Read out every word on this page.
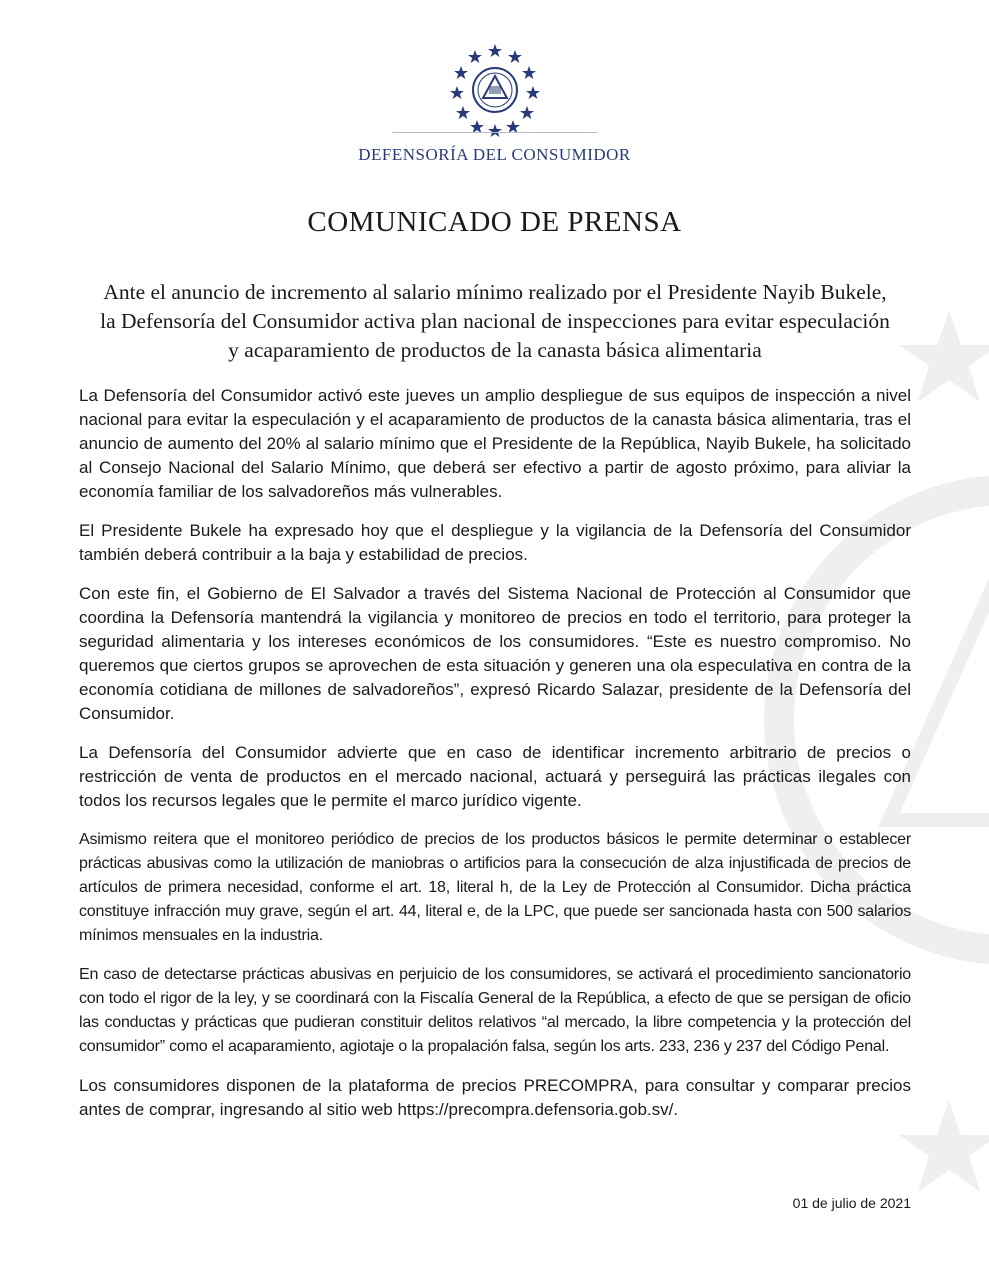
DEFENSORÍA DEL CONSUMIDOR
COMUNICADO DE PRENSA
Ante el anuncio de incremento al salario mínimo realizado por el Presidente Nayib Bukele,
la Defensoría del Consumidor activa plan nacional de inspecciones para evitar especulación
y acaparamiento de productos de la canasta básica alimentaria

La Defensoría del Consumidor activó este jueves un amplio despliegue de sus equipos de inspección a nivel nacional para evitar la especulación y el acaparamiento de productos de la canasta básica alimentaria, tras el anuncio de aumento del 20% al salario mínimo que el Presidente de la República, Nayib Bukele, ha solicitado al Consejo Nacional del Salario Mínimo, que deberá ser efectivo a partir de agosto próximo, para aliviar la economía familiar de los salvadoreños más vulnerables.

El Presidente Bukele ha expresado hoy que el despliegue y la vigilancia de la Defensoría del Consumidor también deberá contribuir a la baja y estabilidad de precios.

Con este fin, el Gobierno de El Salvador a través del Sistema Nacional de Protección al Consumidor que coordina la Defensoría mantendrá la vigilancia y monitoreo de precios en todo el territorio, para proteger la seguridad alimentaria y los intereses económicos de los consumidores. “Este es nuestro compromiso. No queremos que ciertos grupos se aprovechen de esta situación y generen una ola especulativa en contra de la economía cotidiana de millones de salvadoreños”, expresó Ricardo Salazar, presidente de la Defensoría del Consumidor.

La Defensoría del Consumidor advierte que en caso de identificar incremento arbitrario de precios o restricción de venta de productos en el mercado nacional, actuará y perseguirá las prácticas ilegales con todos los recursos legales que le permite el marco jurídico vigente.

Asimismo reitera que el monitoreo periódico de precios de los productos básicos le permite determinar o establecer prácticas abusivas como la utilización de maniobras o artificios para la consecución de alza injustificada de precios de artículos de primera necesidad, conforme el art. 18, literal h, de la Ley de Protección al Consumidor. Dicha práctica constituye infracción muy grave, según el art. 44, literal e, de la LPC, que puede ser sancionada hasta con 500 salarios mínimos mensuales en la industria.

En caso de detectarse prácticas abusivas en perjuicio de los consumidores, se activará el procedimiento sancionatorio con todo el rigor de la ley, y se coordinará con la Fiscalía General de la República, a efecto de que se persigan de oficio las conductas y prácticas que pudieran constituir delitos relativos “al mercado, la libre competencia y la protección del consumidor” como el acaparamiento, agiotaje o la propalación falsa, según los arts. 233, 236 y 237 del Código Penal.

Los consumidores disponen de la plataforma de precios PRECOMPRA, para consultar y comparar precios antes de comprar, ingresando al sitio web https://precompra.defensoria.gob.sv/.

01 de julio de 2021
